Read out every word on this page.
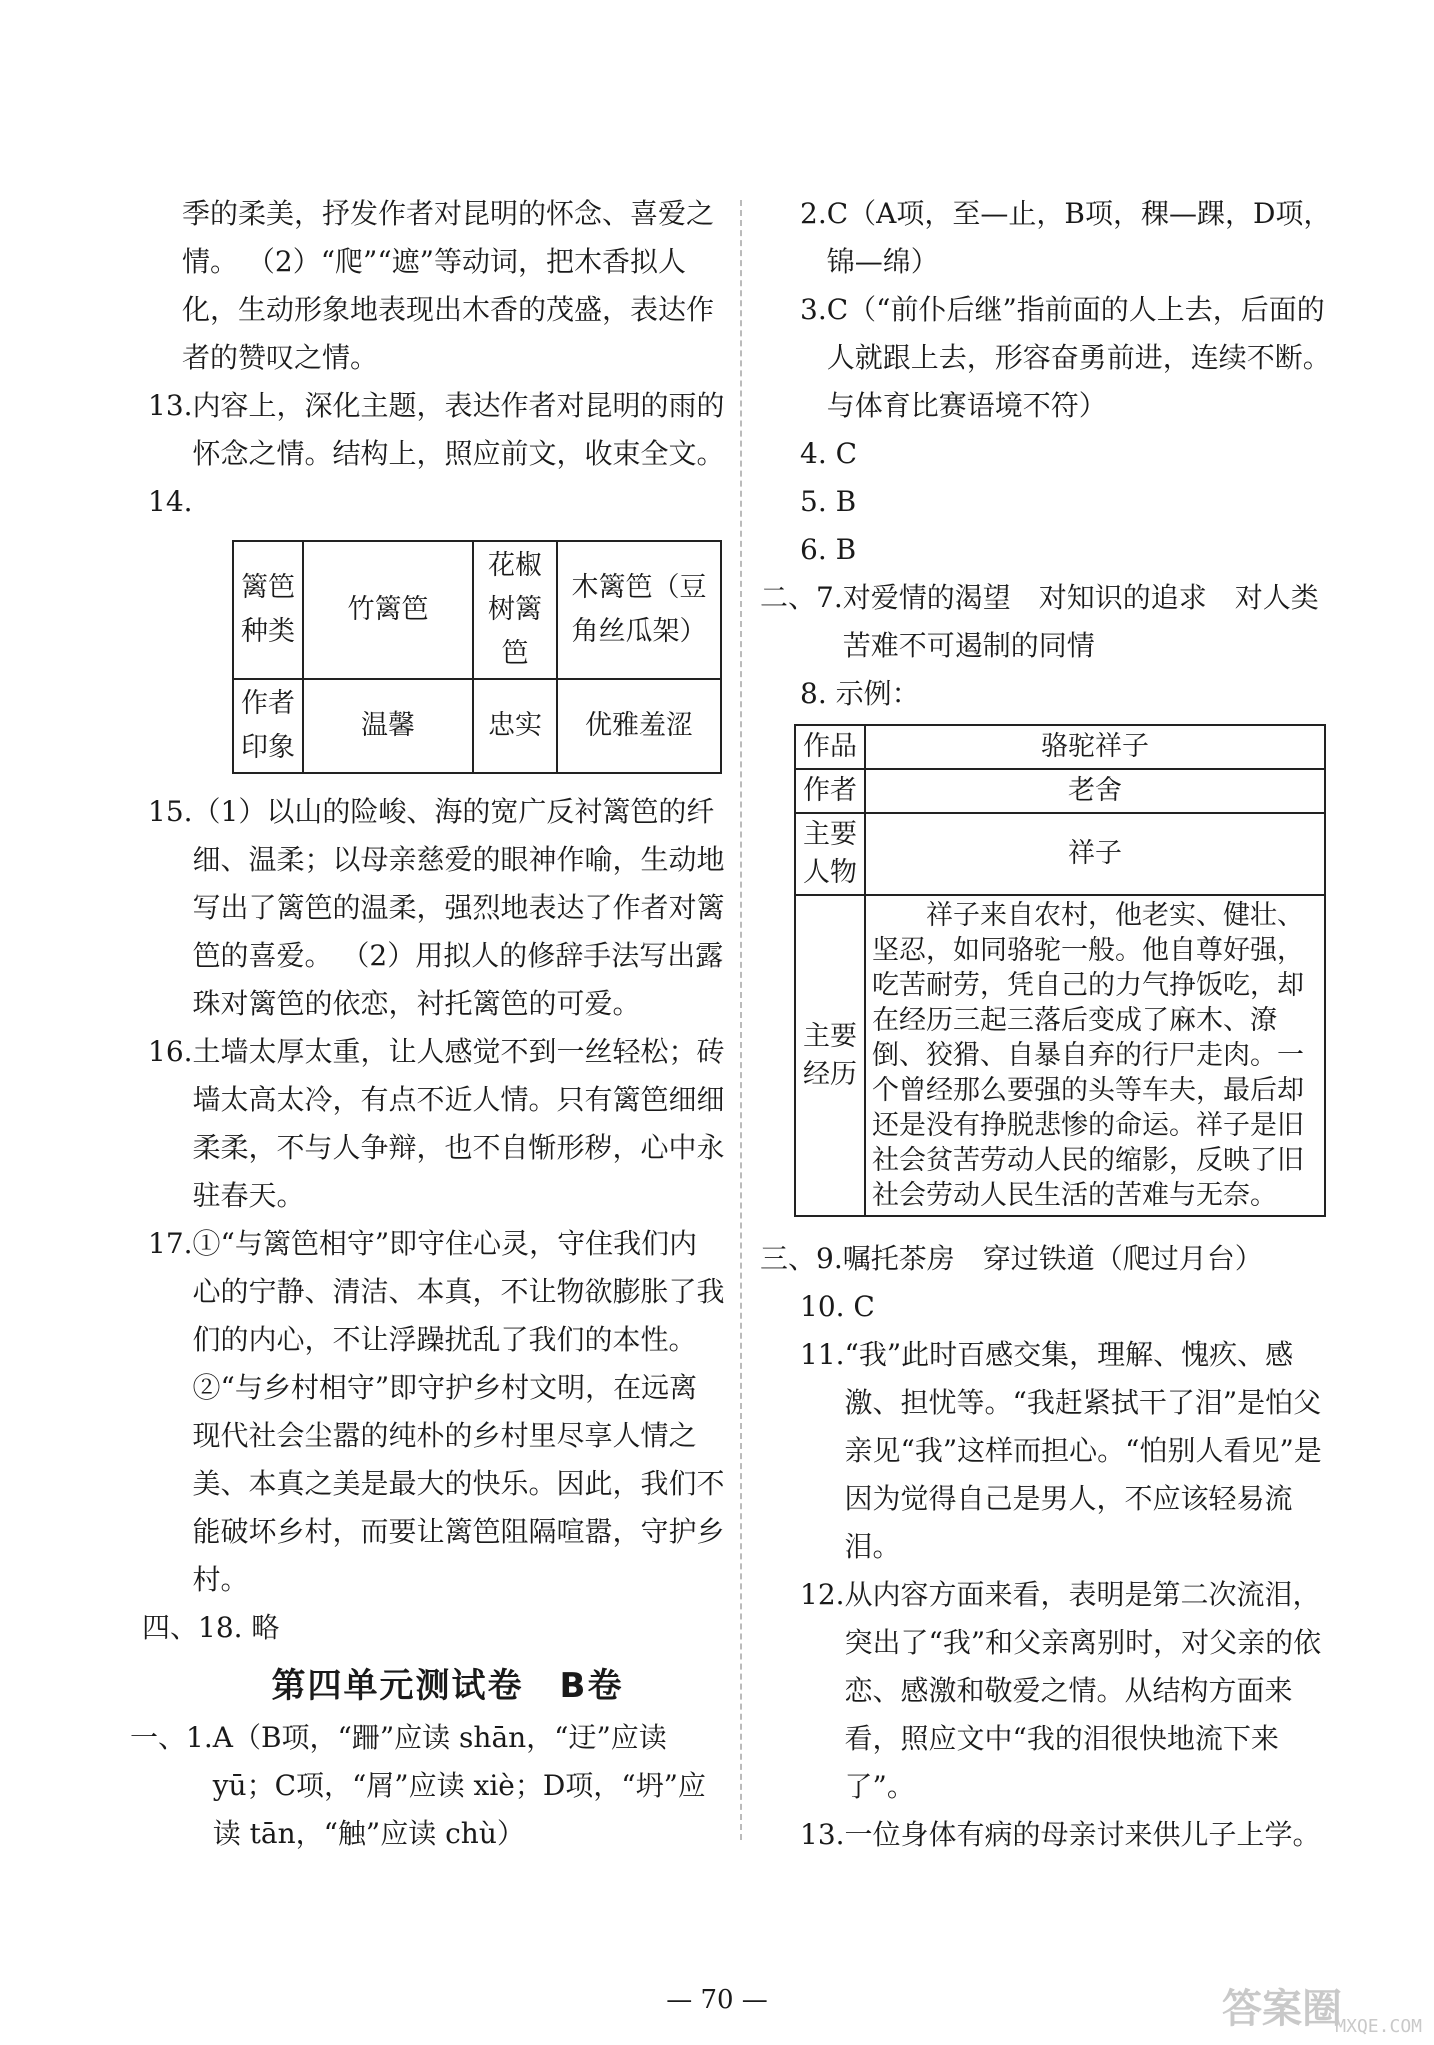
季的柔美，抒发作者对昆明的怀念、喜爱之情。 （2）“爬”“遮”等动词，把木香拟人化，生动形象地表现出木香的茂盛，表达作者的赞叹之情。

13. 内容上，深化主题，表达作者对昆明的雨的怀念之情。结构上，照应前文，收束全文。
14.
篱笆种类	竹篱笆	花椒树篱笆	木篱笆（豆角丝瓜架）
作者印象	温馨	忠实	优雅羞涩
15. （1）以山的险峻、海的宽广反衬篱笆的纤细、温柔；以母亲慈爱的眼神作喻，生动地写出了篱笆的温柔，强烈地表达了作者对篱笆的喜爱。 （2）用拟人的修辞手法写出露珠对篱笆的依恋，衬托篱笆的可爱。
16. 土墙太厚太重，让人感觉不到一丝轻松；砖墙太高太冷，有点不近人情。只有篱笆细细柔柔，不与人争辩，也不自惭形秽，心中永驻春天。
17. ①“与篱笆相守”即守住心灵，守住我们内心的宁静、清洁、本真，不让物欲膨胀了我们的内心，不让浮躁扰乱了我们的本性。②“与乡村相守”即守护乡村文明，在远离现代社会尘嚣的纯朴的乡村里尽享人情之美、本真之美是最大的快乐。因此，我们不能破坏乡村，而要让篱笆阻隔喧嚣，守护乡村。

四、18. 略

第四单元测试卷　B卷
一、1. A（B项，“跚”应读 shān，“迂”应读 yū；C项，“屑”应读 xiè；D项，“坍”应读 tān，“触”应读 chù）
2. C（A项，至—止，B项，稞—踝，D项，锦—绵）
3. C（“前仆后继”指前面的人上去，后面的人就跟上去，形容奋勇前进，连续不断。与体育比赛语境不符）

4. C

5. B

6. B

二、7. 对爱情的渴望　对知识的追求　对人类苦难不可遏制的同情

8. 示例：

作品	骆驼祥子
作者	老舍
主要人物	祥子
主要经历	　　祥子来自农村，他老实、健壮、坚忍，如同骆驼一般。他自尊好强，吃苦耐劳，凭自己的力气挣饭吃，却在经历三起三落后变成了麻木、潦倒、狡猾、自暴自弃的行尸走肉。一个曾经那么要强的头等车夫，最后却还是没有挣脱悲惨的命运。祥子是旧社会贫苦劳动人民的缩影，反映了旧社会劳动人民生活的苦难与无奈。
三、9. 嘱托茶房　穿过铁道（爬过月台）

10. C

11. “我”此时百感交集，理解、愧疚、感激、担忧等。“我赶紧拭干了泪”是怕父亲见“我”这样而担心。“怕别人看见”是因为觉得自己是男人，不应该轻易流泪。
12. 从内容方面来看，表明是第二次流泪，突出了“我”和父亲离别时，对父亲的依恋、感激和敬爱之情。从结构方面来看，照应文中“我的泪很快地流下来了”。
13. 一位身体有病的母亲讨来供儿子上学。
— 70 —	答案圈
MXQE.COM
